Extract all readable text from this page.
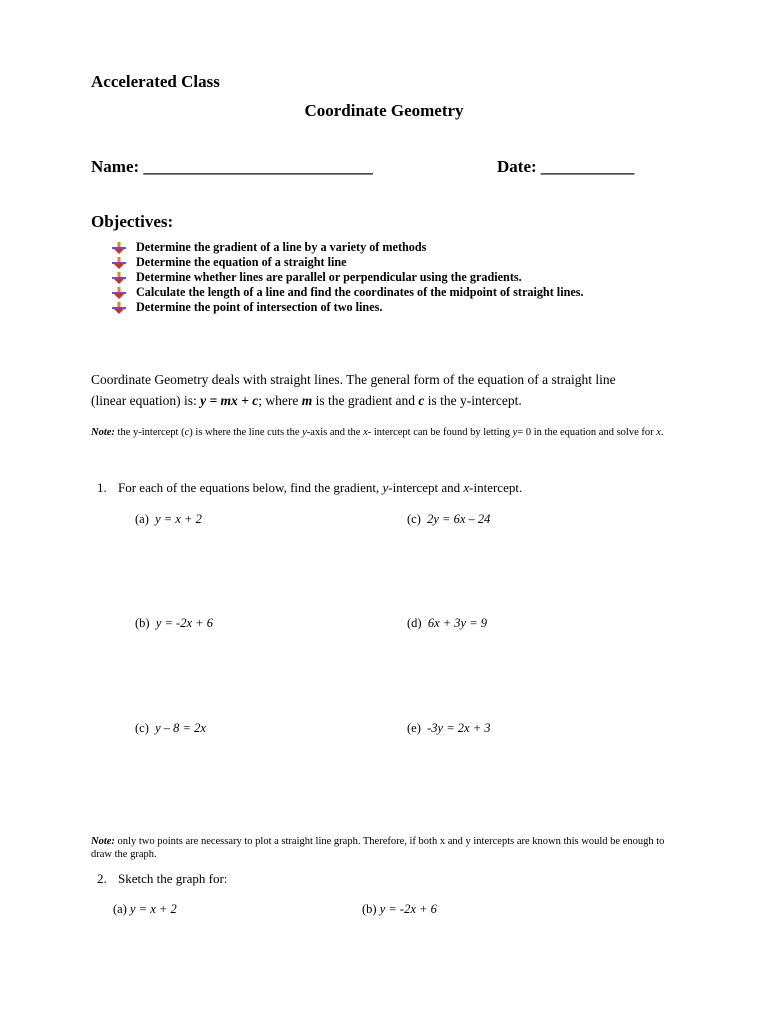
Accelerated Class
Coordinate Geometry
Name: ___________________________	Date: ___________
Objectives:
Determine the gradient of a line by a variety of methods
Determine the equation of a straight line
Determine whether lines are parallel or perpendicular using the gradients.
Calculate the length of a line and find the coordinates of the midpoint of straight lines.
Determine the point of intersection of two lines.
Coordinate Geometry deals with straight lines. The general form of the equation of a straight line
(linear equation) is: y = mx + c; where m is the gradient and c is the y-intercept.
Note: the y-intercept (c) is where the line cuts the y-axis and the x- intercept can be found by letting y= 0 in the equation and solve for x.
1. For each of the equations below, find the gradient, y-intercept and x-intercept.
(a) y = x + 2	(c) 2y = 6x – 24
(b) y = -2x + 6	(d) 6x + 3y = 9
(c) y – 8 = 2x	(e) -3y = 2x + 3
Note: only two points are necessary to plot a straight line graph. Therefore, if both x and y intercepts are known this would be enough to draw the graph.
2. Sketch the graph for:
(a) y = x + 2	(b) y = -2x + 6
